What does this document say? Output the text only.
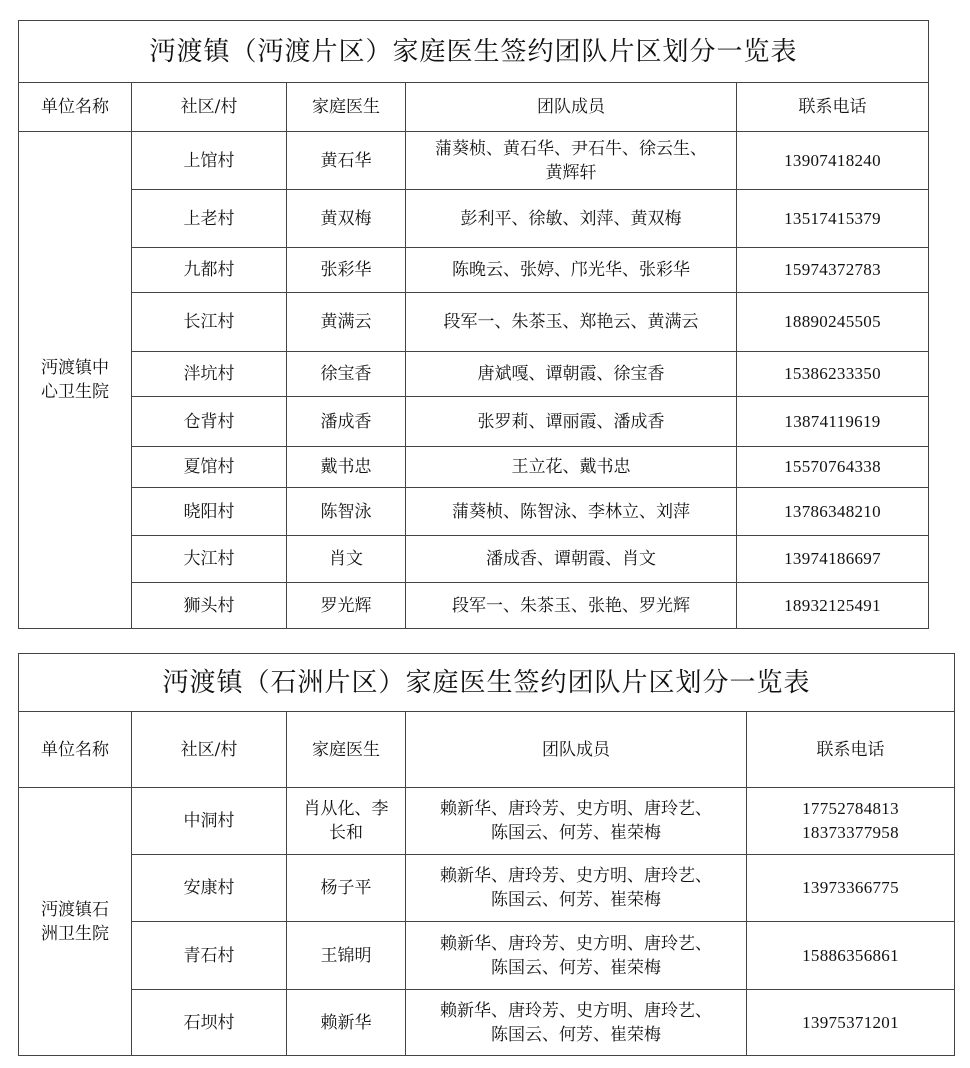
沔渡镇（沔渡片区）家庭医生签约团队片区划分一览表				
单位名称	社区/村	家庭医生	团队成员	联系电话

沔渡镇中
心卫生院	上馆村	黄石华	蒲葵桢、黄石华、尹石牛、徐云生、
黄辉轩	13907418240
	上老村	黄双梅	彭利平、徐敏、刘萍、黄双梅	13517415379
	九都村	张彩华	陈晚云、张婷、邝光华、张彩华	15974372783
	长江村	黄满云	段军一、朱茶玉、郑艳云、黄满云	18890245505
	泮坑村	徐宝香	唐斌嘎、谭朝霞、徐宝香	15386233350
	仓背村	潘成香	张罗莉、谭丽霞、潘成香	13874119619
	夏馆村	戴书忠	王立花、戴书忠	15570764338
	晓阳村	陈智泳	蒲葵桢、陈智泳、李林立、刘萍	13786348210
	大江村	肖文	潘成香、谭朝霞、肖文	13974186697
	狮头村	罗光辉	段军一、朱茶玉、张艳、罗光辉	18932125491
沔渡镇（石洲片区）家庭医生签约团队片区划分一览表				
单位名称	社区/村	家庭医生	团队成员	联系电话

沔渡镇石
洲卫生院	中洞村	肖从化、李
长和	赖新华、唐玲芳、史方明、唐玲艺、
陈国云、何芳、崔荣梅	17752784813
18373377958

	安康村	杨子平	赖新华、唐玲芳、史方明、唐玲艺、
陈国云、何芳、崔荣梅	13973366775
	青石村	王锦明	赖新华、唐玲芳、史方明、唐玲艺、
陈国云、何芳、崔荣梅	15886356861
	石坝村	赖新华	赖新华、唐玲芳、史方明、唐玲艺、
陈国云、何芳、崔荣梅	13975371201
